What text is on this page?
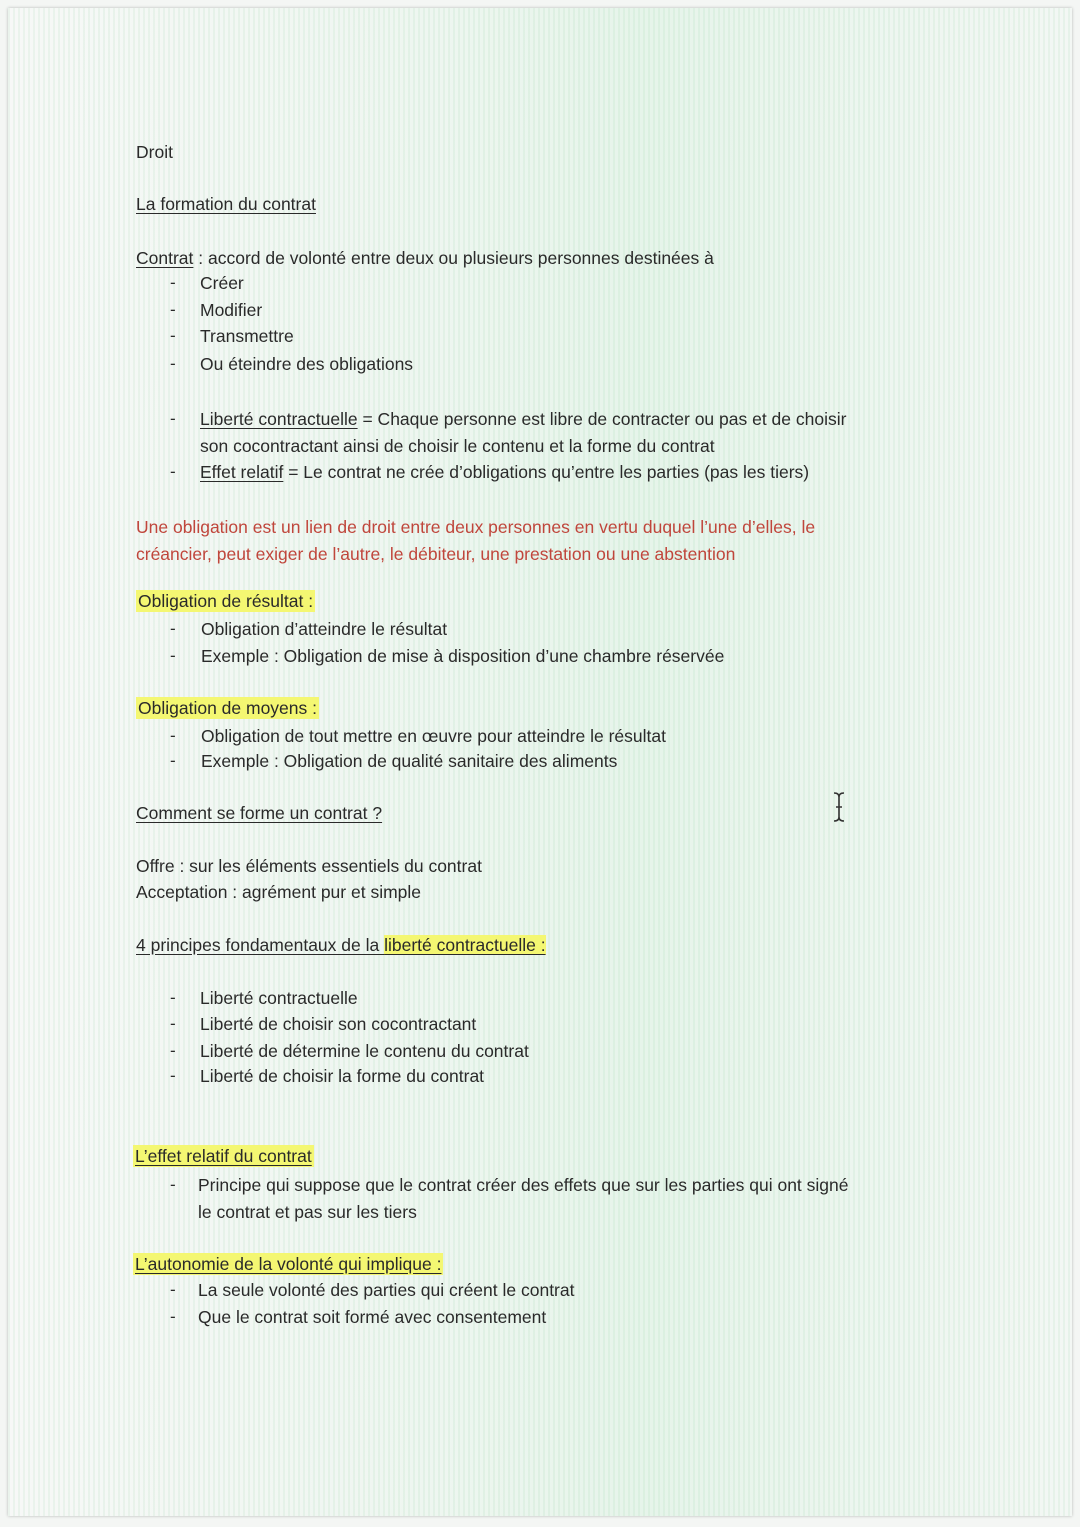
Droit
La formation du contrat
Contrat : accord de volonté entre deux ou plusieurs personnes destinées à
- Créer
- Modifier
- Transmettre
- Ou éteindre des obligations
- Liberté contractuelle = Chaque personne est libre de contracter ou pas et de choisir
son cocontractant ainsi de choisir le contenu et la forme du contrat
- Effet relatif = Le contrat ne crée d’obligations qu’entre les parties (pas les tiers)
Une obligation est un lien de droit entre deux personnes en vertu duquel l’une d’elles, le
créancier, peut exiger de l’autre, le débiteur, une prestation ou une abstention
Obligation de résultat :
- Obligation d’atteindre le résultat
- Exemple : Obligation de mise à disposition d’une chambre réservée
Obligation de moyens :
- Obligation de tout mettre en œuvre pour atteindre le résultat
- Exemple : Obligation de qualité sanitaire des aliments
Comment se forme un contrat ?
Offre : sur les éléments essentiels du contrat
Acceptation : agrément pur et simple
4 principes fondamentaux de la liberté contractuelle :
- Liberté contractuelle
- Liberté de choisir son cocontractant
- Liberté de détermine le contenu du contrat
- Liberté de choisir la forme du contrat
L’effet relatif du contrat
- Principe qui suppose que le contrat créer des effets que sur les parties qui ont signé
le contrat et pas sur les tiers
L’autonomie de la volonté qui implique :
- La seule volonté des parties qui créent le contrat
- Que le contrat soit formé avec consentement
